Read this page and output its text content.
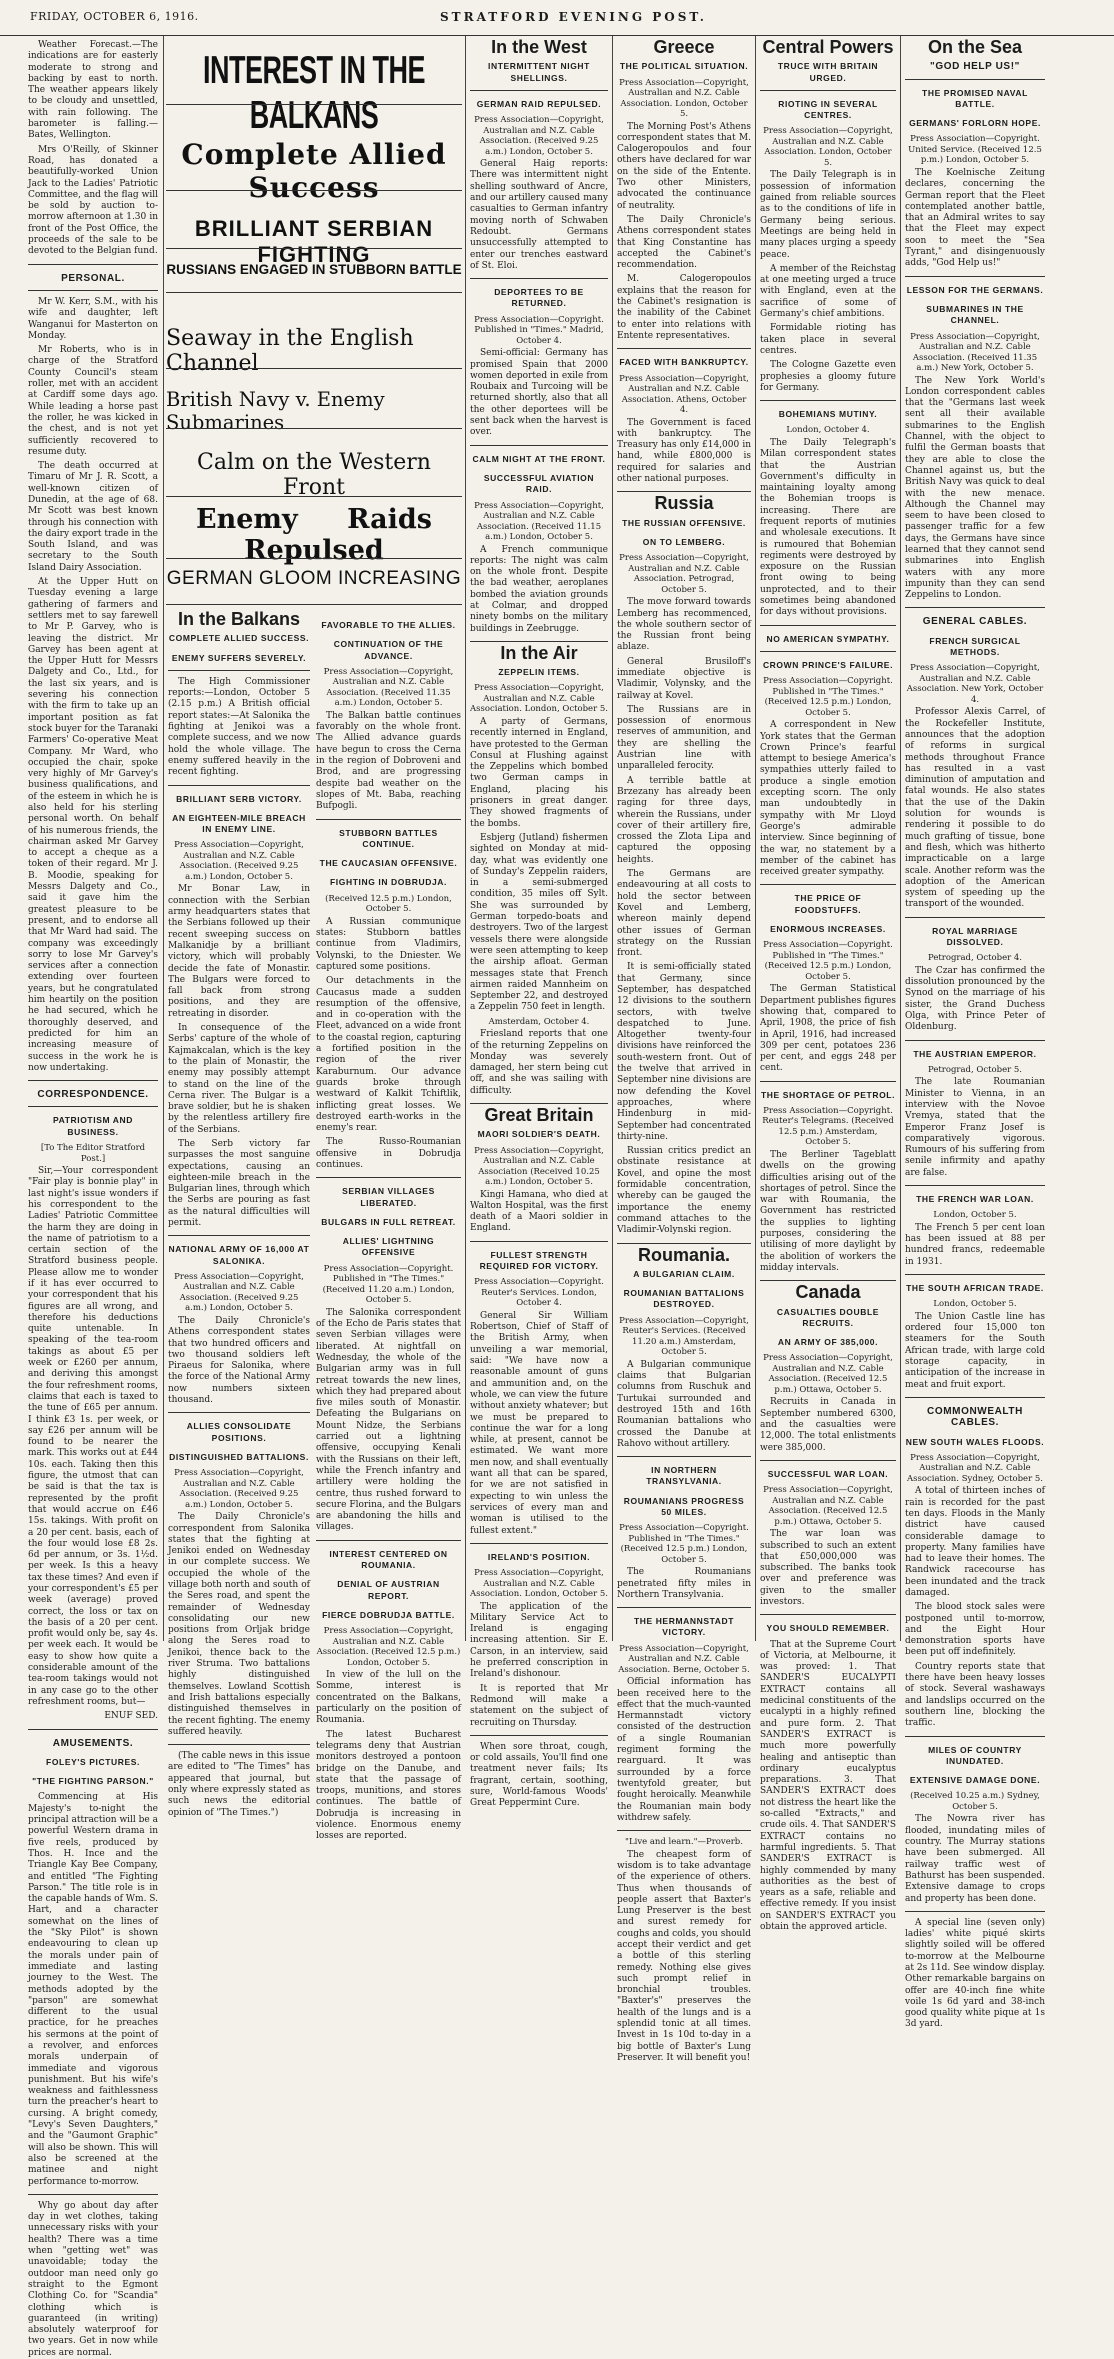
FRIDAY, OCTOBER 6, 1916.	STRATFORD EVENING POST.

Weather Forecast.—The indications are for easterly moderate to strong and backing by east to north. The weather appears likely to be cloudy and unsettled, with rain following. The barometer is falling.—Bates, Wellington.

Mrs O'Reilly, of Skinner Road, has donated a beautifully-worked Union Jack to the Ladies' Patriotic Committee, and the flag will be sold by auction to-morrow afternoon at 1.30 in front of the Post Office, the proceeds of the sale to be devoted to the Belgian fund.

PERSONAL.

Mr W. Kerr, S.M., with his wife and daughter, left Wanganui for Masterton on Monday.

Mr Roberts, who is in charge of the Stratford County Council's steam roller, met with an accident at Cardiff some days ago. While leading a horse past the roller, he was kicked in the chest, and is not yet sufficiently recovered to resume duty.

The death occurred at Timaru of Mr J. R. Scott, a well-known citizen of Dunedin, at the age of 68. Mr Scott was best known through his connection with the dairy export trade in the South Island, and was secretary to the South Island Dairy Association.

At the Upper Hutt on Tuesday evening a large gathering of farmers and settlers met to say farewell to Mr P. Garvey, who is leaving the district. Mr Garvey has been agent at the Upper Hutt for Messrs Dalgety and Co., Ltd., for the last six years, and is severing his connection with the firm to take up an important position as fat stock buyer for the Taranaki Farmers' Co-operative Meat Company. Mr Ward, who occupied the chair, spoke very highly of Mr Garvey's business qualifications, and of the esteem in which he is also held for his sterling personal worth. On behalf of his numerous friends, the chairman asked Mr Garvey to accept a cheque as a token of their regard. Mr J. B. Moodie, speaking for Messrs Dalgety and Co., said it gave him the greatest pleasure to be present, and to endorse all that Mr Ward had said. The company was exceedingly sorry to lose Mr Garvey's services after a connection extending over fourteen years, but he congratulated him heartily on the position he had secured, which he thoroughly deserved, and predicted for him an increasing measure of success in the work he is now undertaking.

CORRESPONDENCE.
PATRIOTISM AND BUSINESS.

[To The Editor Stratford Post.]

Sir,—Your correspondent "Fair play is bonnie play" in last night's issue wonders if his correspondent to the Ladies' Patriotic Committee the harm they are doing in the name of patriotism to a certain section of the Stratford business people. Please allow me to wonder if it has ever occurred to your correspondent that his figures are all wrong, and therefore his deductions quite untenable. In speaking of the tea-room takings as about £5 per week or £260 per annum, and deriving this amongst the four refreshment rooms, claims that each is taxed to the tune of £65 per annum. I think £3 1s. per week, or say £26 per annum will be found to be nearer the mark. This works out at £44 10s. each. Taking then this figure, the utmost that can be said is that the tax is represented by the profit that would accrue on £46 15s. takings. With profit on a 20 per cent. basis, each of the four would lose £8 2s. 6d per annum, or 3s. 1½d. per week. Is this a heavy tax these times? And even if your correspondent's £5 per week (average) proved correct, the loss or tax on the basis of a 20 per cent. profit would only be, say 4s. per week each. It would be easy to show how quite a considerable amount of the tea-room takings would not in any case go to the other refreshment rooms, but—

ENUF SED.

AMUSEMENTS.
FOLEY'S PICTURES.
"THE FIGHTING PARSON."

Commencing at His Majesty's to-night the principal attraction will be a powerful Western drama in five reels, produced by Thos. H. Ince and the Triangle Kay Bee Company, and entitled "The Fighting Parson." The title role is in the capable hands of Wm. S. Hart, and a character somewhat on the lines of the "Sky Pilot" is shown endeavouring to clean up the morals under pain of immediate and lasting journey to the West. The methods adopted by the "parson" are somewhat different to the usual practice, for he preaches his sermons at the point of a revolver, and enforces morals underpain of immediate and vigorous punishment. But his wife's weakness and faithlessness turn the preacher's heart to cursing. A bright comedy, "Levy's Seven Daughters," and the "Gaumont Graphic" will also be shown. This will also be screened at the matinee and night performance to-morrow.

Why go about day after day in wet clothes, taking unnecessary risks with your health? There was a time when "getting wet" was unavoidable; today the outdoor man need only go straight to the Egmont Clothing Co. for "Scandia" clothing which is guaranteed (in writing) absolutely waterproof for two years. Get in now while prices are normal.

INTEREST IN THE BALKANS
Complete Allied Success
BRILLIANT SERBIAN FIGHTING
RUSSIANS ENGAGED IN STUBBORN BATTLE
Seaway in the English Channel
British Navy v. Enemy Submarines
Calm on the Western Front
Enemy Raids Repulsed
GERMAN GLOOM INCREASING
In the Balkans
COMPLETE ALLIED SUCCESS.
ENEMY SUFFERS SEVERELY.

The High Commissioner reports:—London, October 5 (2.15 p.m.) A British official report states:—At Salonika the fighting at Jenikoi was a complete success, and we now hold the whole village. The enemy suffered heavily in the recent fighting.

BRILLIANT SERB VICTORY.
AN EIGHTEEN-MILE BREACH IN ENEMY LINE.

Press Association—Copyright, Australian and N.Z. Cable Association. (Received 9.25 a.m.) London, October 5.

Mr Bonar Law, in connection with the Serbian army headquarters states that the Serbians followed up their recent sweeping success on Malkanidje by a brilliant victory, which will probably decide the fate of Monastir. The Bulgars were forced to fall back from strong positions, and they are retreating in disorder.

In consequence of the Serbs' capture of the whole of Kajmakcalan, which is the key to the plain of Monastir, the enemy may possibly attempt to stand on the line of the Cerna river. The Bulgar is a brave soldier, but he is shaken by the relentless artillery fire of the Serbians.

The Serb victory far surpasses the most sanguine expectations, causing an eighteen-mile breach in the Bulgarian lines, through which the Serbs are pouring as fast as the natural difficulties will permit.

NATIONAL ARMY OF 16,000 AT SALONIKA.

Press Association—Copyright, Australian and N.Z. Cable Association. (Received 9.25 a.m.) London, October 5.

The Daily Chronicle's Athens correspondent states that two hundred officers and two thousand soldiers left Piraeus for Salonika, where the force of the National Army now numbers sixteen thousand.

ALLIES CONSOLIDATE POSITIONS.
DISTINGUISHED BATTALIONS.

Press Association—Copyright, Australian and N.Z. Cable Association. (Received 9.25 a.m.) London, October 5.

The Daily Chronicle's correspondent from Salonika states that the fighting at Jenikoi ended on Wednesday in our complete success. We occupied the whole of the village both north and south of the Seres road, and spent the remainder of Wednesday consolidating our new positions from Orljak bridge along the Seres road to Jenikoi, thence back to the river Struma. Two battalions highly distinguished themselves. Lowland Scottish and Irish battalions especially distinguished themselves in the recent fighting. The enemy suffered heavily.

(The cable news in this issue are edited to "The Times" has appeared that journal, but only where expressly stated as such news the editorial opinion of "The Times.")

FAVORABLE TO THE ALLIES.
CONTINUATION OF THE ADVANCE.

Press Association—Copyright, Australian and N.Z. Cable Association. (Received 11.35 a.m.) London, October 5.

The Balkan battle continues favorably on the whole front. The Allied advance guards have begun to cross the Cerna in the region of Dobroveni and Brod, and are progressing despite bad weather on the slopes of Mt. Baba, reaching Bufpogli.

STUBBORN BATTLES CONTINUE.
THE CAUCASIAN OFFENSIVE.
FIGHTING IN DOBRUDJA.

(Received 12.5 p.m.) London, October 5.

A Russian communique states: Stubborn battles continue from Vladimirs, Volynski, to the Dniester. We captured some positions.

Our detachments in the Caucasus made a sudden resumption of the offensive, and in co-operation with the Fleet, advanced on a wide front to the coastal region, capturing a fortified position in the region of the river Karaburnum. Our advance guards broke through westward of Kalkit Tchiftlik, inflicting great losses. We destroyed earth-works in the enemy's rear.

The Russo-Roumanian offensive in Dobrudja continues.

SERBIAN VILLAGES LIBERATED.
BULGARS IN FULL RETREAT.
ALLIES' LIGHTNING OFFENSIVE

Press Association—Copyright. Published in "The Times." (Received 11.20 a.m.) London, October 5.

The Salonika correspondent of the Echo de Paris states that seven Serbian villages were liberated. At nightfall on Wednesday, the whole of the Bulgarian army was in full retreat towards the new lines, which they had prepared about five miles south of Monastir. Defeating the Bulgarians on Mount Nidze, the Serbians carried out a lightning offensive, occupying Kenali with the Russians on their left, while the French infantry and artillery were holding the centre, thus rushed forward to secure Florina, and the Bulgars are abandoning the hills and villages.

INTEREST CENTERED ON ROUMANIA.
DENIAL OF AUSTRIAN REPORT.
FIERCE DOBRUDJA BATTLE.

Press Association—Copyright, Australian and N.Z. Cable Association. (Received 12.5 p.m.) London, October 5.

In view of the lull on the Somme, interest is concentrated on the Balkans, particularly on the position of Roumania.

The latest Bucharest telegrams deny that Austrian monitors destroyed a pontoon bridge on the Danube, and state that the passage of troops, munitions, and stores continues. The battle of Dobrudja is increasing in violence. Enormous enemy losses are reported.

In the West
INTERMITTENT NIGHT SHELLINGS.
GERMAN RAID REPULSED.

Press Association—Copyright, Australian and N.Z. Cable Association. (Received 9.25 a.m.) London, October 5.

General Haig reports: There was intermittent night shelling southward of Ancre, and our artillery caused many casualties to German infantry moving north of Schwaben Redoubt. Germans unsuccessfully attempted to enter our trenches eastward of St. Eloi.

DEPORTEES TO BE RETURNED.

Press Association—Copyright. Published in "Times." Madrid, October 4.

Semi-official: Germany has promised Spain that 2000 women deported in exile from Roubaix and Turcoing will be returned shortly, also that all the other deportees will be sent back when the harvest is over.

CALM NIGHT AT THE FRONT.
SUCCESSFUL AVIATION RAID.

Press Association—Copyright, Australian and N.Z. Cable Association. (Received 11.15 a.m.) London, October 5.

A French communique reports: The night was calm on the whole front. Despite the bad weather, aeroplanes bombed the aviation grounds at Colmar, and dropped ninety bombs on the military buildings in Zeebrugge.

In the Air
ZEPPELIN ITEMS.

Press Association—Copyright, Australian and N.Z. Cable Association. London, October 5.

A party of Germans, recently interned in England, have protested to the German Consul at Flushing against the Zeppelins which bombed two German camps in England, placing his prisoners in great danger. They showed fragments of the bombs.

Esbjerg (Jutland) fishermen sighted on Monday at mid-day, what was evidently one of Sunday's Zeppelin raiders, in a semi-submerged condition, 35 miles off Sylt. She was surrounded by German torpedo-boats and destroyers. Two of the largest vessels there were alongside were seen attempting to keep the airship afloat. German messages state that French airmen raided Mannheim on September 22, and destroyed a Zeppelin 750 feet in length.

Amsterdam, October 4.

Friesland reports that one of the returning Zeppelins on Monday was severely damaged, her stern being cut off, and she was sailing with difficulty.

Great Britain
MAORI SOLDIER'S DEATH.

Press Association—Copyright, Australian and N.Z. Cable Association (Received 10.25 a.m.) London, October 5.

Kingi Hamana, who died at Walton Hospital, was the first death of a Maori soldier in England.

FULLEST STRENGTH REQUIRED FOR VICTORY.

Press Association—Copyright. Reuter's Services. London, October 4.

General Sir William Robertson, Chief of Staff of the British Army, when unveiling a war memorial, said: "We have now a reasonable amount of guns and ammunition and, on the whole, we can view the future without anxiety whatever; but we must be prepared to continue the war for a long while, at present, cannot be estimated. We want more men now, and shall eventually want all that can be spared, for we are not satisfied in expecting to win unless the services of every man and woman is utilised to the fullest extent."

IRELAND'S POSITION.

Press Association—Copyright, Australian and N.Z. Cable Association. London, October 5.

The application of the Military Service Act to Ireland is engaging increasing attention. Sir E. Carson, in an interview, said he preferred conscription in Ireland's dishonour.

It is reported that Mr Redmond will make a statement on the subject of recruiting on Thursday.

When sore throat, cough, or cold assails, You'll find one treatment never fails; Its fragrant, certain, soothing, sure, World-famous Woods' Great Peppermint Cure.

Greece
THE POLITICAL SITUATION.

Press Association—Copyright, Australian and N.Z. Cable Association. London, October 5.

The Morning Post's Athens correspondent states that M. Calogeropoulos and four others have declared for war on the side of the Entente. Two other Ministers, advocated the continuance of neutrality.

The Daily Chronicle's Athens correspondent states that King Constantine has accepted the Cabinet's recommendation.

M. Calogeropoulos explains that the reason for the Cabinet's resignation is the inability of the Cabinet to enter into relations with Entente representatives.

FACED WITH BANKRUPTCY.

Press Association—Copyright, Australian and N.Z. Cable Association. Athens, October 4.

The Government is faced with bankruptcy. The Treasury has only £14,000 in hand, while £800,000 is required for salaries and other national purposes.

Russia
THE RUSSIAN OFFENSIVE.
ON TO LEMBERG.

Press Association—Copyright, Australian and N.Z. Cable Association. Petrograd, October 5.

The move forward towards Lemberg has recommenced, the whole southern sector of the Russian front being ablaze.

General Brusiloff's immediate objective is Vladimir, Volynsky, and the railway at Kovel.

The Russians are in possession of enormous reserves of ammunition, and they are shelling the Austrian line with unparalleled ferocity.

A terrible battle at Brzezany has already been raging for three days, wherein the Russians, under cover of their artillery fire, crossed the Zlota Lipa and captured the opposing heights.

The Germans are endeavouring at all costs to hold the sector between Kovel and Lemberg, whereon mainly depend other issues of German strategy on the Russian front.

It is semi-officially stated that Germany, since September, has despatched 12 divisions to the southern sectors, with twelve despatched to June. Altogether twenty-four divisions have reinforced the south-western front. Out of the twelve that arrived in September nine divisions are now defending the Kovel approaches, where Hindenburg in mid-September had concentrated thirty-nine.

Russian critics predict an obstinate resistance at Kovel, and opine the most formidable concentration, whereby can be gauged the importance the enemy command attaches to the Vladimir-Volynski region.

Roumania.
A BULGARIAN CLAIM.
ROUMANIAN BATTALIONS DESTROYED.

Press Association—Copyright, Reuter's Services. (Received 11.20 a.m.) Amsterdam, October 5.

A Bulgarian communique claims that Bulgarian columns from Ruschuk and Turtukai surrounded and destroyed 15th and 16th Roumanian battalions who crossed the Danube at Rahovo without artillery.

IN NORTHERN TRANSYLVANIA.
ROUMANIANS PROGRESS 50 MILES.

Press Association—Copyright. Published in "The Times." (Received 12.5 p.m.) London, October 5.

The Roumanians penetrated fifty miles in Northern Transylvania.

THE HERMANNSTADT VICTORY.

Press Association—Copyright, Australian and N.Z. Cable Association. Berne, October 5.

Official information has been received here to the effect that the much-vaunted Hermannstadt victory consisted of the destruction of a single Roumanian regiment forming the rearguard. It was surrounded by a force twentyfold greater, but fought heroically. Meanwhile the Roumanian main body withdrew safely.

"Live and learn."—Proverb.

The cheapest form of wisdom is to take advantage of the experience of others. Thus when thousands of people assert that Baxter's Lung Preserver is the best and surest remedy for coughs and colds, you should accept their verdict and get a bottle of this sterling remedy. Nothing else gives such prompt relief in bronchial troubles. "Baxter's" preserves the health of the lungs and is a splendid tonic at all times. Invest in 1s 10d to-day in a big bottle of Baxter's Lung Preserver. It will benefit you!

Central Powers
TRUCE WITH BRITAIN URGED.
RIOTING IN SEVERAL CENTRES.

Press Association—Copyright, Australian and N.Z. Cable Association. London, October 5.

The Daily Telegraph is in possession of information gained from reliable sources as to the conditions of life in Germany being serious. Meetings are being held in many places urging a speedy peace.

A member of the Reichstag at one meeting urged a truce with England, even at the sacrifice of some of Germany's chief ambitions.

Formidable rioting has taken place in several centres.

The Cologne Gazette even prophesies a gloomy future for Germany.

BOHEMIANS MUTINY.

London, October 4.

The Daily Telegraph's Milan correspondent states that the Austrian Government's difficulty in maintaining loyalty among the Bohemian troops is increasing. There are frequent reports of mutinies and wholesale executions. It is rumoured that Bohemian regiments were destroyed by exposure on the Russian front owing to being unprotected, and to their sometimes being abandoned for days without provisions.

NO AMERICAN SYMPATHY.
CROWN PRINCE'S FAILURE.

Press Association—Copyright. Published in "The Times." (Received 12.5 p.m.) London, October 5.

A correspondent in New York states that the German Crown Prince's fearful attempt to besiege America's sympathies utterly failed to produce a single emotion excepting scorn. The only man undoubtedly in sympathy with Mr Lloyd George's admirable interview. Since beginning of the war, no statement by a member of the cabinet has received greater sympathy.

THE PRICE OF FOODSTUFFS.
ENORMOUS INCREASES.

Press Association—Copyright. Published in "The Times." (Received 12.5 p.m.) London, October 5.

The German Statistical Department publishes figures showing that, compared to April, 1908, the price of fish in April, 1916, had increased 309 per cent, potatoes 236 per cent, and eggs 248 per cent.

THE SHORTAGE OF PETROL.

Press Association—Copyright. Reuter's Telegrams. (Received 12.5 p.m.) Amsterdam, October 5.

The Berliner Tageblatt dwells on the growing difficulties arising out of the shortages of petrol. Since the war with Roumania, the Government has restricted the supplies to lighting purposes, considering the utilising of more daylight by the abolition of workers the midday intervals.

Canada
CASUALTIES DOUBLE RECRUITS.
AN ARMY OF 385,000.

Press Association—Copyright, Australian and N.Z. Cable Association. (Received 12.5 p.m.) Ottawa, October 5.

Recruits in Canada in September numbered 6300, and the casualties were 12,000. The total enlistments were 385,000.

SUCCESSFUL WAR LOAN.

Press Association—Copyright, Australian and N.Z. Cable Association. (Received 12.5 p.m.) Ottawa, October 5.

The war loan was subscribed to such an extent that £50,000,000 was subscribed. The banks took over and preference was given to the smaller investors.

YOU SHOULD REMEMBER.

That at the Supreme Court of Victoria, at Melbourne, it was proved: 1. That SANDER'S EUCALYPTI EXTRACT contains all medicinal constituents of the eucalypti in a highly refined and pure form. 2. That SANDER'S EXTRACT is much more powerfully healing and antiseptic than ordinary eucalyptus preparations. 3. That SANDER'S EXTRACT does not distress the heart like the so-called "Extracts," and crude oils. 4. That SANDER'S EXTRACT contains no harmful ingredients. 5. That SANDER'S EXTRACT is highly commended by many authorities as the best of years as a safe, reliable and effective remedy. If you insist on SANDER'S EXTRACT you obtain the approved article.

On the Sea
"GOD HELP US!"
THE PROMISED NAVAL BATTLE.
GERMANS' FORLORN HOPE.

Press Association—Copyright. United Service. (Received 12.5 p.m.) London, October 5.

The Koelnische Zeitung declares, concerning the German report that the Fleet contemplated another battle, that an Admiral writes to say that the Fleet may expect soon to meet the "Sea Tyrant," and disingenuously adds, "God Help us!"

LESSON FOR THE GERMANS.
SUBMARINES IN THE CHANNEL.

Press Association—Copyright, Australian and N.Z. Cable Association. (Received 11.35 a.m.) New York, October 5.

The New York World's London correspondent cables that the "Germans last week sent all their available submarines to the English Channel, with the object to fulfil the German boasts that they are able to close the Channel against us, but the British Navy was quick to deal with the new menace. Although the Channel may seem to have been closed to passenger traffic for a few days, the Germans have since learned that they cannot send submarines into English waters with any more impunity than they can send Zeppelins to London.

GENERAL CABLES.
FRENCH SURGICAL METHODS.

Press Association—Copyright, Australian and N.Z. Cable Association. New York, October 4.

Professor Alexis Carrel, of the Rockefeller Institute, announces that the adoption of reforms in surgical methods throughout France has resulted in a vast diminution of amputation and fatal wounds. He also states that the use of the Dakin solution for wounds is rendering it possible to do much grafting of tissue, bone and flesh, which was hitherto impracticable on a large scale. Another reform was the adoption of the American system of speeding up the transport of the wounded.

ROYAL MARRIAGE DISSOLVED.

Petrograd, October 4.

The Czar has confirmed the dissolution pronounced by the Synod on the marriage of his sister, the Grand Duchess Olga, with Prince Peter of Oldenburg.

THE AUSTRIAN EMPEROR.

Petrograd, October 5.

The late Roumanian Minister to Vienna, in an interview with the Novoe Vremya, stated that the Emperor Franz Josef is comparatively vigorous. Rumours of his suffering from senile infirmity and apathy are false.

THE FRENCH WAR LOAN.

London, October 5.

The French 5 per cent loan has been issued at 88 per hundred francs, redeemable in 1931.

THE SOUTH AFRICAN TRADE.

London, October 5.

The Union Castle line has ordered four 15,000 ton steamers for the South African trade, with large cold storage capacity, in anticipation of the increase in meat and fruit export.

COMMONWEALTH CABLES.
NEW SOUTH WALES FLOODS.

Press Association—Copyright, Australian and N.Z. Cable Association. Sydney, October 5.

A total of thirteen inches of rain is recorded for the past ten days. Floods in the Manly district have caused considerable damage to property. Many families have had to leave their homes. The Randwick racecourse has been inundated and the track damaged.

The blood stock sales were postponed until to-morrow, and the Eight Hour demonstration sports have been put off indefinitely.

Country reports state that there have been heavy losses of stock. Several washaways and landslips occurred on the southern line, blocking the traffic.

MILES OF COUNTRY INUNDATED.
EXTENSIVE DAMAGE DONE.

(Received 10.25 a.m.) Sydney, October 5.

The Nowra river has flooded, inundating miles of country. The Murray stations have been submerged. All railway traffic west of Bathurst has been suspended. Extensive damage to crops and property has been done.

A special line (seven only) ladies' white piqué skirts slightly soiled will be offered to-morrow at the Melbourne at 2s 11d. See window display. Other remarkable bargains on offer are 40-inch fine white voile 1s 6d yard and 38-inch good quality white pique at 1s 3d yard.
